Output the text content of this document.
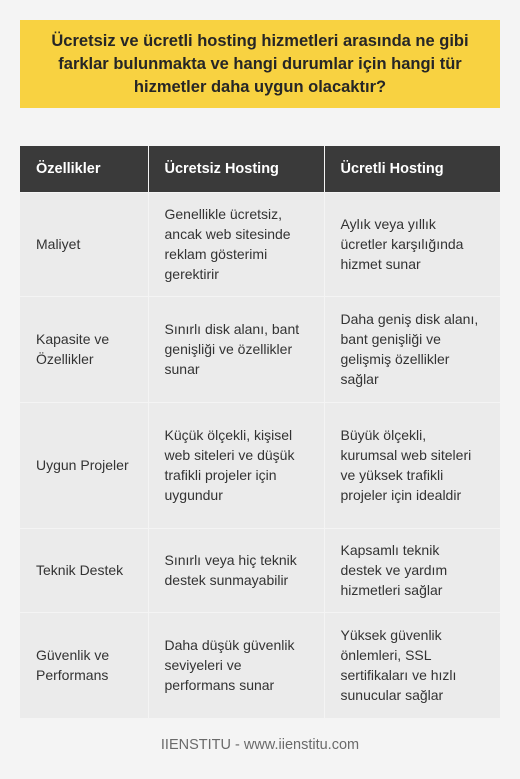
Ücretsiz ve ücretli hosting hizmetleri arasında ne gibi farklar bulunmakta ve hangi durumlar için hangi tür hizmetler daha uygun olacaktır?
Özellikler	Ücretsiz Hosting	Ücretli Hosting
Maliyet	Genellikle ücretsiz, ancak web sitesinde reklam gösterimi gerektirir	Aylık veya yıllık ücretler karşılığında hizmet sunar
Kapasite ve Özellikler	Sınırlı disk alanı, bant genişliği ve özellikler sunar	Daha geniş disk alanı, bant genişliği ve gelişmiş özellikler sağlar
Uygun Projeler	Küçük ölçekli, kişisel web siteleri ve düşük trafikli projeler için uygundur	Büyük ölçekli, kurumsal web siteleri ve yüksek trafikli projeler için idealdir
Teknik Destek	Sınırlı veya hiç teknik destek sunmayabilir	Kapsamlı teknik destek ve yardım hizmetleri sağlar
Güvenlik ve Performans	Daha düşük güvenlik seviyeleri ve performans sunar	Yüksek güvenlik önlemleri, SSL sertifikaları ve hızlı sunucular sağlar
IIENSTITU - www.iienstitu.com
